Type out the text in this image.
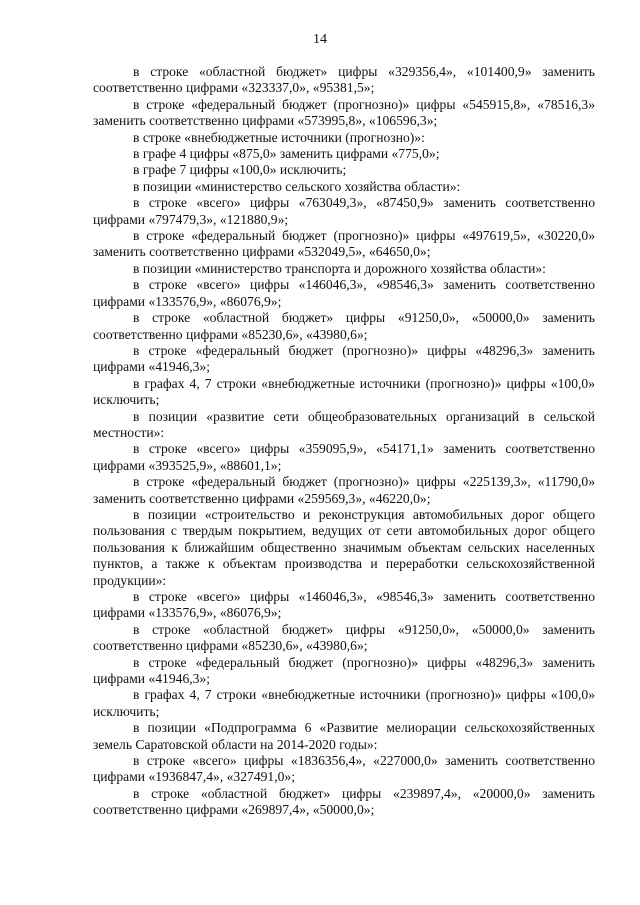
14

в строке «областной бюджет» цифры «329356,4», «101400,9» заменить соответственно цифрами «323337,0», «95381,5»;

в строке «федеральный бюджет (прогнозно)» цифры «545915,8», «78516,3» заменить соответственно цифрами «573995,8», «106596,3»;

в строке «внебюджетные источники (прогнозно)»:

в графе 4 цифры «875,0» заменить цифрами «775,0»;

в графе 7 цифры «100,0» исключить;

в позиции «министерство сельского хозяйства области»:

в строке «всего» цифры «763049,3», «87450,9» заменить соответственно цифрами «797479,3», «121880,9»;

в строке «федеральный бюджет (прогнозно)» цифры «497619,5», «30220,0» заменить соответственно цифрами «532049,5», «64650,0»;

в позиции «министерство транспорта и дорожного хозяйства области»:

в строке «всего» цифры «146046,3», «98546,3» заменить соответственно цифрами «133576,9», «86076,9»;

в строке «областной бюджет» цифры «91250,0», «50000,0» заменить соответственно цифрами «85230,6», «43980,6»;

в строке «федеральный бюджет (прогнозно)» цифры «48296,3» заменить цифрами «41946,3»;

в графах 4, 7 строки «внебюджетные источники (прогнозно)» цифры «100,0» исключить;

в позиции «развитие сети общеобразовательных организаций в сельской местности»:

в строке «всего» цифры «359095,9», «54171,1» заменить соответственно цифрами «393525,9», «88601,1»;

в строке «федеральный бюджет (прогнозно)» цифры «225139,3», «11790,0» заменить соответственно цифрами «259569,3», «46220,0»;

в позиции «строительство и реконструкция автомобильных дорог общего пользования с твердым покрытием, ведущих от сети автомобильных дорог общего пользования к ближайшим общественно значимым объектам сельских населенных пунктов, а также к объектам производства и переработки сельскохозяйственной продукции»:

в строке «всего» цифры «146046,3», «98546,3» заменить соответственно цифрами «133576,9», «86076,9»;

в строке «областной бюджет» цифры «91250,0», «50000,0» заменить соответственно цифрами «85230,6», «43980,6»;

в строке «федеральный бюджет (прогнозно)» цифры «48296,3» заменить цифрами «41946,3»;

в графах 4, 7 строки «внебюджетные источники (прогнозно)» цифры «100,0» исключить;

в позиции «Подпрограмма 6 «Развитие мелиорации сельскохозяйственных земель Саратовской области на 2014-2020 годы»:

в строке «всего» цифры «1836356,4», «227000,0» заменить соответственно цифрами «1936847,4», «327491,0»;

в строке «областной бюджет» цифры «239897,4», «20000,0» заменить соответственно цифрами «269897,4», «50000,0»;
